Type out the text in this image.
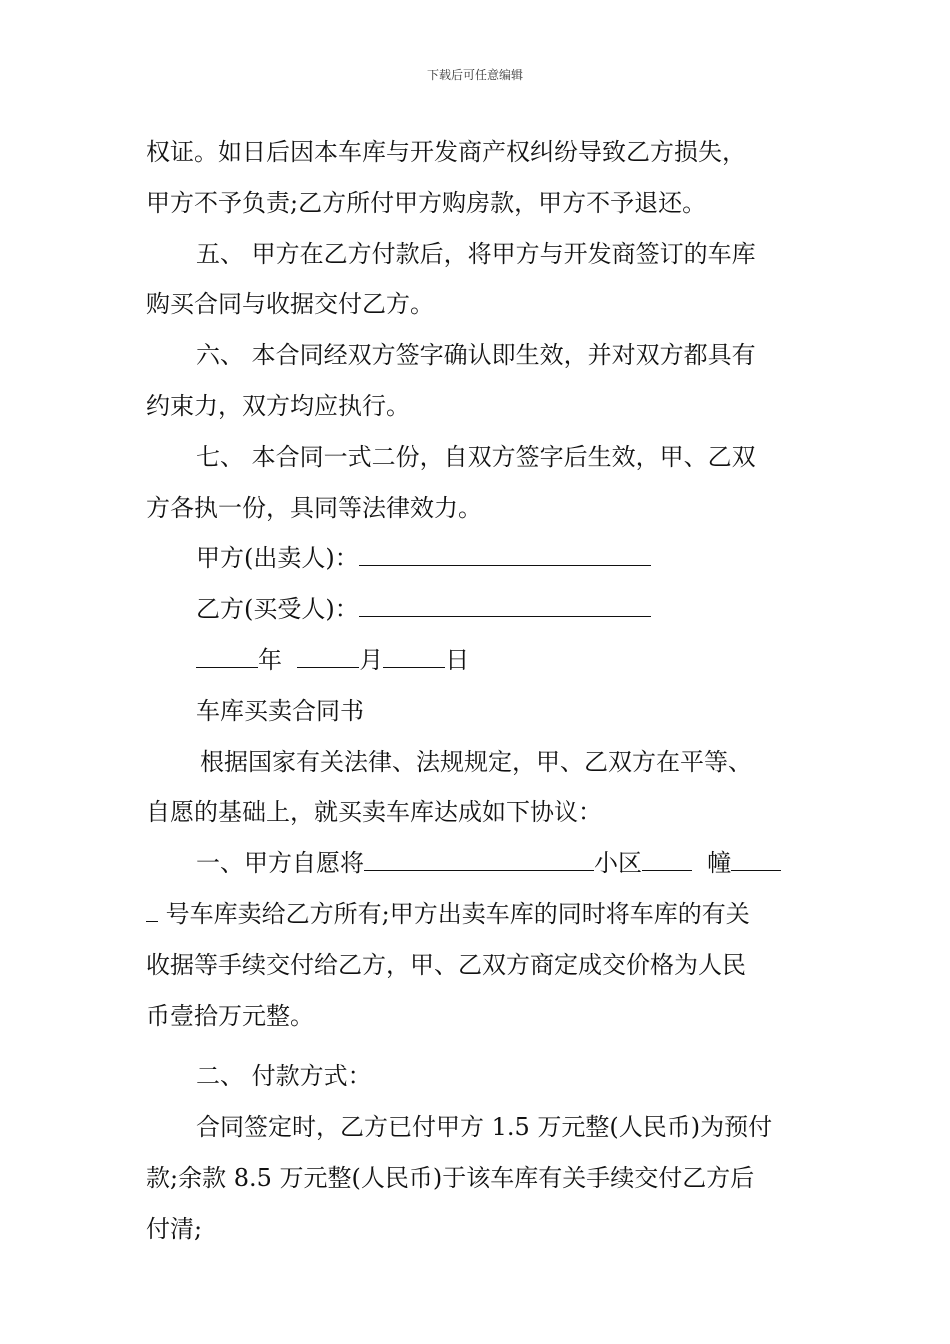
下载后可任意编辑
权证。如日后因本车库与开发商产权纠纷导致乙方损失，
甲方不予负责;乙方所付甲方购房款，甲方不予退还。
五、 甲方在乙方付款后，将甲方与开发商签订的车库
购买合同与收据交付乙方。
六、 本合同经双方签字确认即生效，并对双方都具有
约束力，双方均应执行。
七、 本合同一式二份，自双方签字后生效，甲、乙双
方各执一份，具同等法律效力。
甲方(出卖人)：
乙方(买受人)：
年	月	日
车库买卖合同书
根据国家有关法律、法规规定，甲、乙双方在平等、
自愿的基础上，就买卖车库达成如下协议：
一、甲方自愿将	小区	幢
号车库卖给乙方所有;甲方出卖车库的同时将车库的有关
收据等手续交付给乙方，甲、乙双方商定成交价格为人民
币壹拾万元整。
二、 付款方式：
合同签定时，乙方已付甲方 1.5 万元整(人民币)为预付
款;余款 8.5 万元整(人民币)于该车库有关手续交付乙方后
付清;
